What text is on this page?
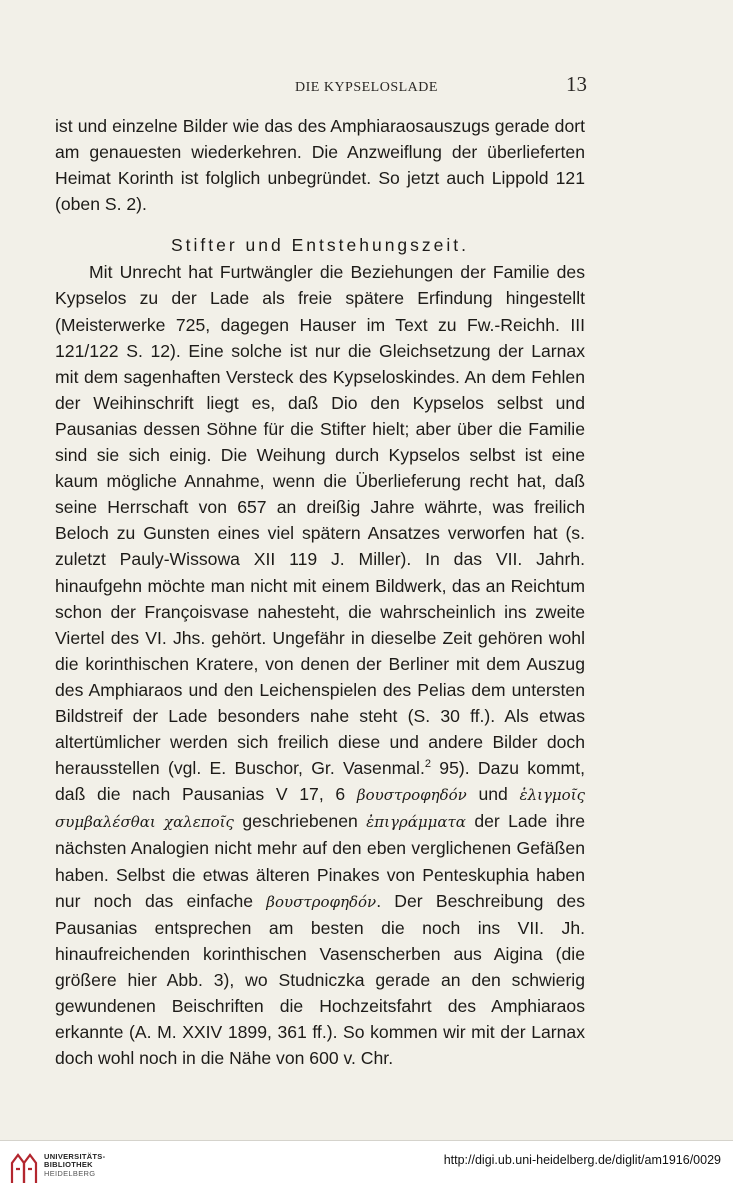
DIE KYPSELOSLADE	13

ist und einzelne Bilder wie das des Amphiaraosauszugs gerade dort am genauesten wiederkehren. Die Anzweiflung der überlieferten Heimat Korinth ist folglich unbegründet. So jetzt auch Lippold 121 (oben S. 2).

Stifter und Entstehungszeit.

Mit Unrecht hat Furtwängler die Beziehungen der Familie des Kypselos zu der Lade als freie spätere Erfindung hingestellt (Meisterwerke 725, dagegen Hauser im Text zu Fw.-Reichh. III 121/122 S. 12). Eine solche ist nur die Gleichsetzung der Larnax mit dem sagenhaften Versteck des Kypseloskindes. An dem Fehlen der Weihinschrift liegt es, daß Dio den Kypselos selbst und Pausanias dessen Söhne für die Stifter hielt; aber über die Familie sind sie sich einig. Die Weihung durch Kypselos selbst ist eine kaum mögliche Annahme, wenn die Überlieferung recht hat, daß seine Herrschaft von 657 an dreißig Jahre währte, was freilich Beloch zu Gunsten eines viel spätern Ansatzes verworfen hat (s. zuletzt Pauly-Wissowa XII 119 J. Miller). In das VII. Jahrh. hinaufgehn möchte man nicht mit einem Bildwerk, das an Reichtum schon der Françoisvase nahesteht, die wahrscheinlich ins zweite Viertel des VI. Jhs. gehört. Ungefähr in dieselbe Zeit gehören wohl die korinthischen Kratere, von denen der Berliner mit dem Auszug des Amphiaraos und den Leichenspielen des Pelias dem untersten Bildstreif der Lade besonders nahe steht (S. 30 ff.). Als etwas altertümlicher werden sich freilich diese und andere Bilder doch herausstellen (vgl. E. Buschor, Gr. Vasenmal.$^2$ 95). Dazu kommt, daß die nach Pausanias V 17, 6 βουστροφηδόν und ἑλιγμοῖς συμβαλέσθαι χαλεποῖς geschriebenen ἐπιγράμματα der Lade ihre nächsten Analogien nicht mehr auf den eben verglichenen Gefäßen haben. Selbst die etwas älteren Pinakes von Penteskuphia haben nur noch das einfache βουστροφηδόν. Der Beschreibung des Pausanias entsprechen am besten die noch ins VII. Jh. hinaufreichenden korinthischen Vasenscherben aus Aigina (die größere hier Abb. 3), wo Studniczka gerade an den schwierig gewundenen Beischriften die Hochzeitsfahrt des Amphiaraos erkannte (A. M. XXIV 1899, 361 ff.). So kommen wir mit der Larnax doch wohl noch in die Nähe von 600 v. Chr.

UNIVERSITÄTS-
BIBLIOTHEK
HEIDELBERG
http://digi.ub.uni-heidelberg.de/diglit/am1916/0029
